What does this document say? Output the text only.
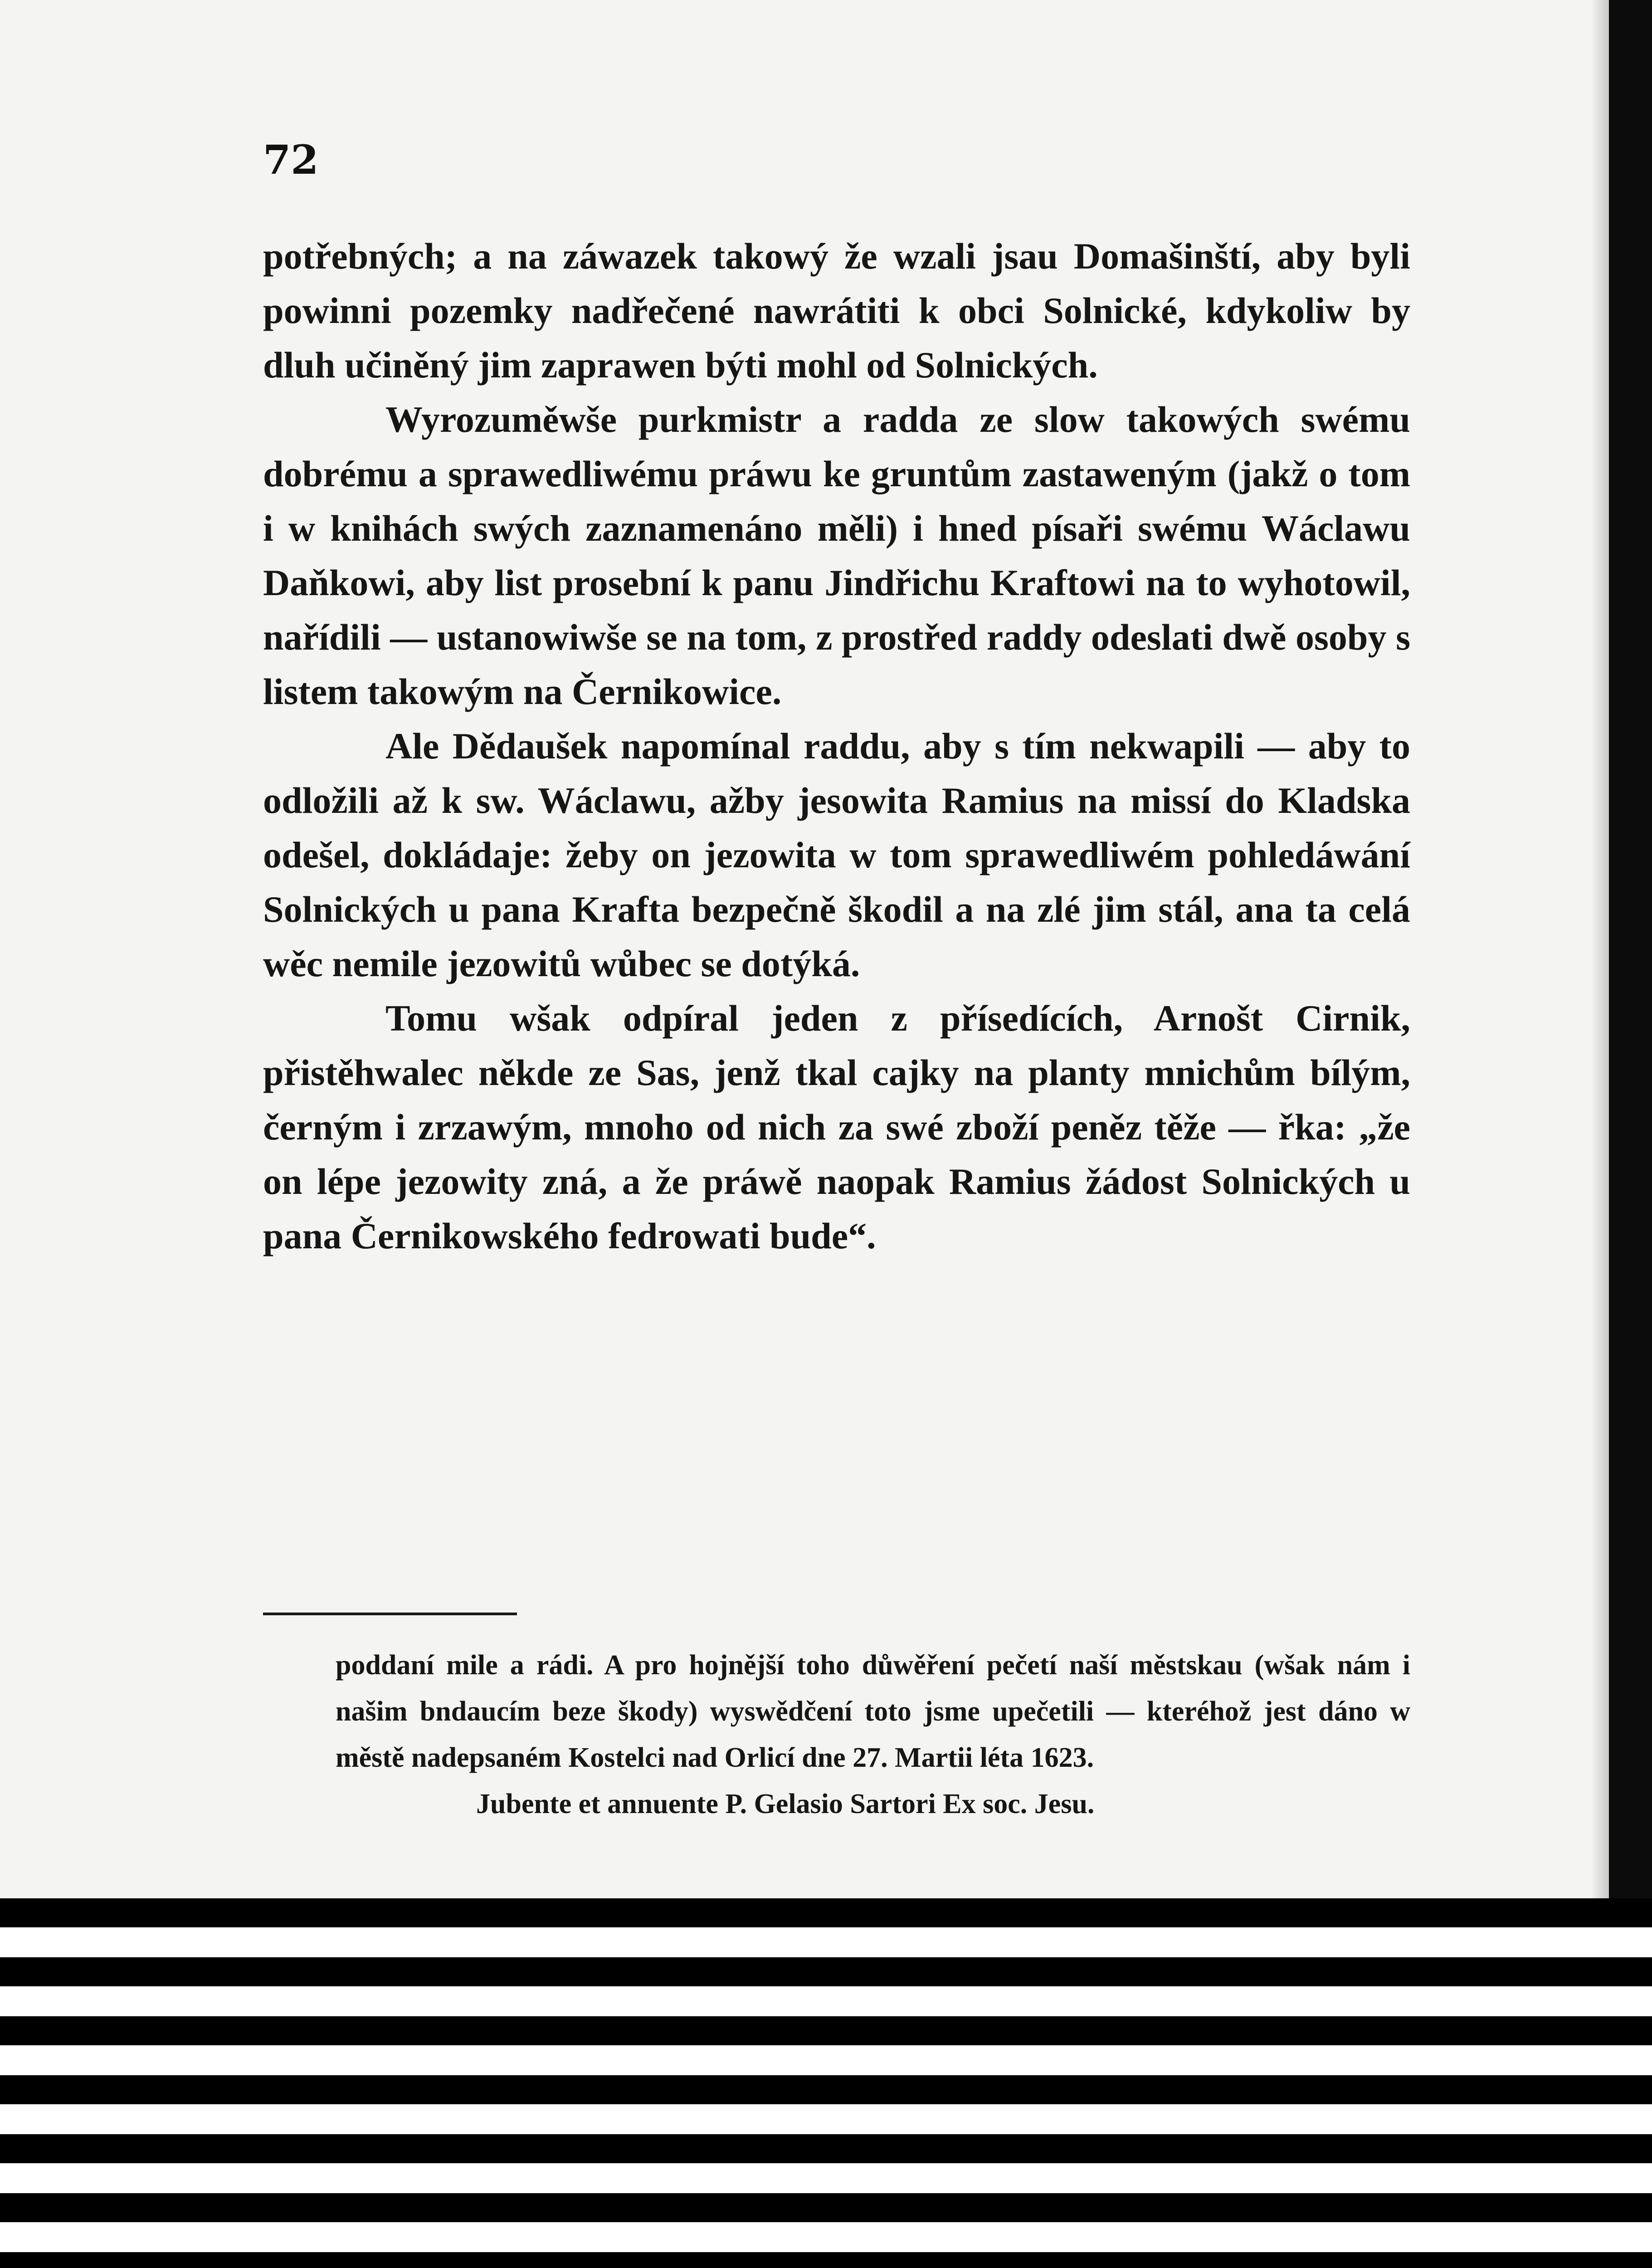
72

potřebných; a na záwazek takowý že wzali jsau Domašinští, aby byli powinni pozemky nadřečené nawrátiti k obci Solnické, kdykoliw by dluh učiněný jim zaprawen býti mohl od Solnických.

Wyrozuměwše purkmistr a radda ze slow takowých swému dobrému a sprawedliwému práwu ke gruntům zastaweným (jakž o tom i w knihách swých zaznamenáno měli) i hned písaři swému Wáclawu Daňkowi, aby list prosební k panu Jindřichu Kraftowi na to wyhotowil, nařídili — ustanowiwše se na tom, z prostřed raddy odeslati dwě osoby s listem takowým na Černikowice.

Ale Dědaušek napomínal raddu, aby s tím nekwapili — aby to odložili až k sw. Wáclawu, ažby jesowita Ramius na missí do Kladska odešel, dokládaje: žeby on jezowita w tom sprawedliwém pohledáwání Solnických u pana Krafta bezpečně škodil a na zlé jim stál, ana ta celá wěc nemile jezowitů wůbec se dotýká.

Tomu wšak odpíral jeden z přísedících, Arnošt Cirnik, přistěhwalec někde ze Sas, jenž tkal cajky na planty mnichům bílým, černým i zrzawým, mnoho od nich za swé zboží peněz těže — řka: „že on lépe jezowity zná, a že práwě naopak Ramius žádost Solnických u pana Černikowského fedrowati bude“.

poddaní mile a rádi. A pro hojnější toho důwěření pečetí naší městskau (wšak nám i našim bndaucím beze škody) wyswědčení toto jsme upečetili — kteréhož jest dáno w městě nadepsaném Kostelci nad Orlicí dne 27. Martii léta 1623.

Jubente et annuente P. Gelasio Sartori Ex soc. Jesu.
